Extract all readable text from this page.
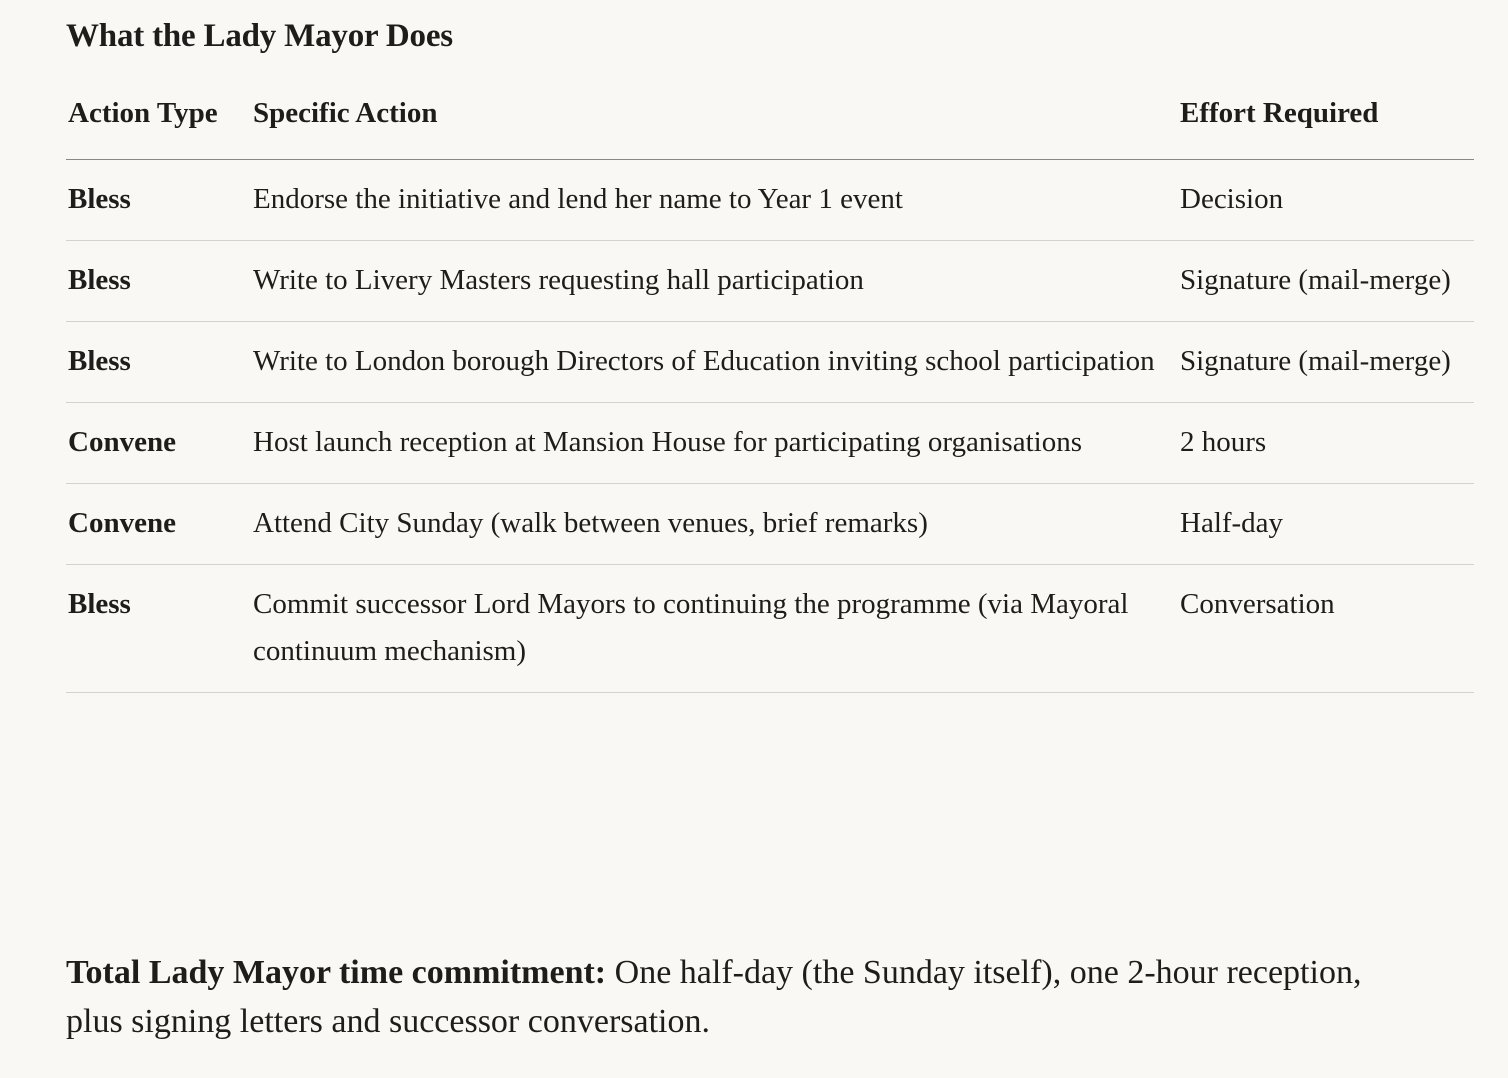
What the Lady Mayor Does
Action Type	Specific Action	Effort Required
Bless	Endorse the initiative and lend her name to Year 1 event	Decision
Bless	Write to Livery Masters requesting hall participation	Signature (mail-merge)
Bless	Write to London borough Directors of Education inviting school participation	Signature (mail-merge)
Convene	Host launch reception at Mansion House for participating organisations	2 hours
Convene	Attend City Sunday (walk between venues, brief remarks)	Half-day
Bless	Commit successor Lord Mayors to continuing the programme (via Mayoral continuum mechanism)	Conversation

Total Lady Mayor time commitment: One half-day (the Sunday itself), one 2-hour reception, plus signing letters and successor conversation.
